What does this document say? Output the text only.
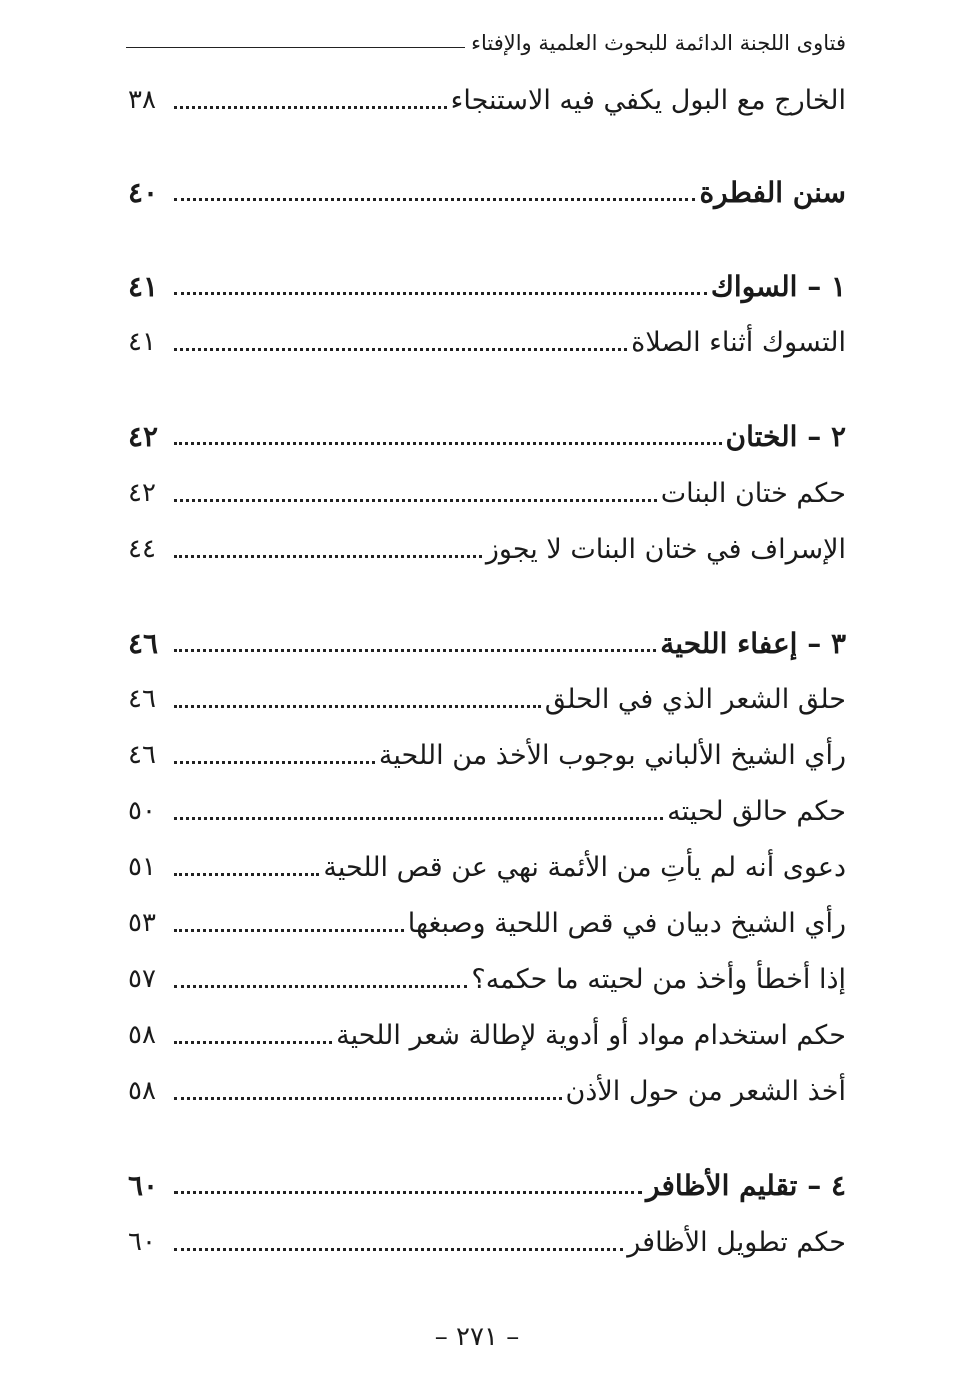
فتاوى اللجنة الدائمة للبحوث العلمية والإفتاء
الخارج مع البول يكفي فيه الاستنجاء
٣٨
سنن الفطرة
٤٠
١ – السواك
٤١
التسوك أثناء الصلاة
٤١
٢ – الختان
٤٢
حكم ختان البنات
٤٢
الإسراف في ختان البنات لا يجوز
٤٤
٣ – إعفاء اللحية
٤٦
حلق الشعر الذي في الحلق
٤٦
رأي الشيخ الألباني بوجوب الأخذ من اللحية
٤٦
حكم حالق لحيته
٥٠
دعوى أنه لم يأتِ من الأئمة نهي عن قص اللحية
٥١
رأي الشيخ دبيان في قص اللحية وصبغها
٥٣
إذا أخطأ وأخذ من لحيته ما حكمه؟
٥٧
حكم استخدام مواد أو أدوية لإطالة شعر اللحية
٥٨
أخذ الشعر من حول الأذن
٥٨
٤ – تقليم الأظافر
٦٠
حكم تطويل الأظافر
٦٠
– ٢٧١ –
